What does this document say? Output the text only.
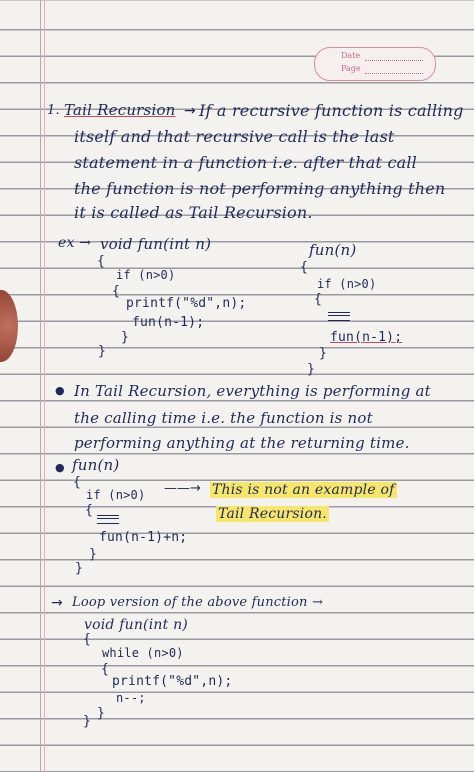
Date
Page
1. Tail Recursion → If a recursive function is calling
itself and that recursive call is the last
statement in a function i.e. after that call
the function is not performing anything then
it is called as Tail Recursion.
ex → void fun(int n)
{
if (n>0)
{
printf("%d",n);
fun(n-1);
}
}
fun(n)
{
if (n>0)
{
fun(n-1);
}
}
● In Tail Recursion, everything is performing at
the calling time i.e. the function is not
performing anything at the returning time.
● fun(n)
{
if (n>0)
{
fun(n-1)+n;
}
}
——→ This is not an example of
Tail Recursion.
→ Loop version of the above function →
void fun(int n)
{
while (n>0)
{
printf("%d",n);
n--;
}
}
